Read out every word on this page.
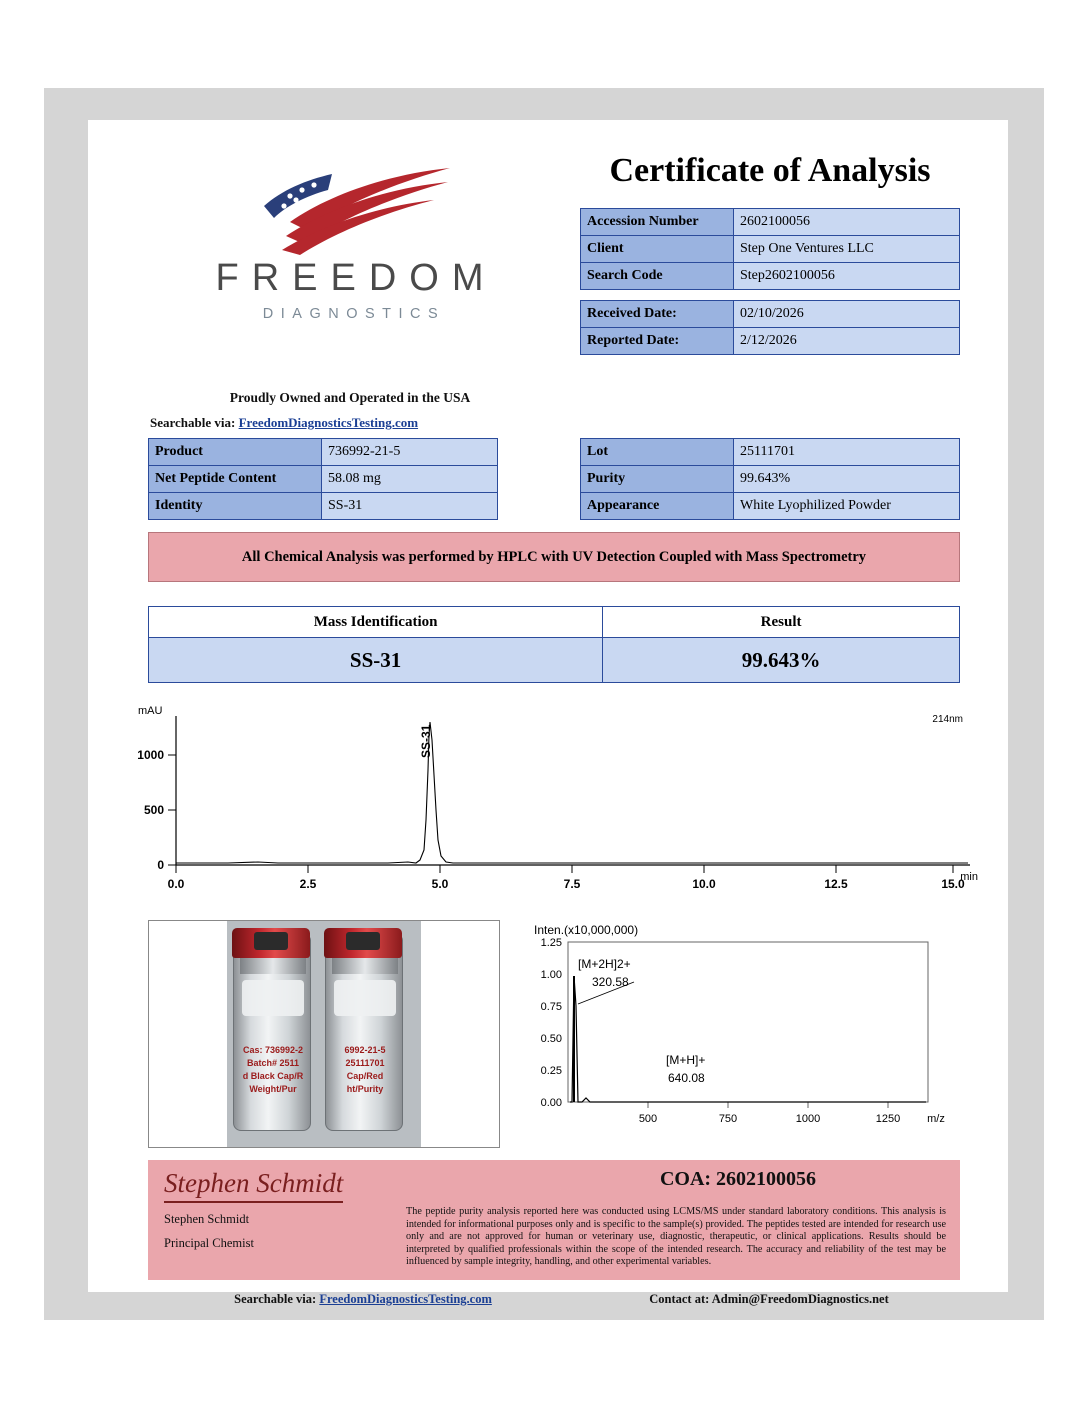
FREEDOM
DIAGNOSTICS
Proudly Owned and Operated in the USA
Searchable via: FreedomDiagnosticsTesting.com
Certificate of Analysis
Accession Number	2602100056
Client	Step One Ventures LLC
Search Code	Step2602100056
Received Date:	02/10/2026
Reported Date:	2/12/2026
Product	736992-21-5
Net Peptide Content	58.08 mg
Identity	SS-31
Lot	25111701
Purity	99.643%
Appearance	White Lyophilized Powder
All Chemical Analysis was performed by HPLC with UV Detection Coupled with Mass Spectrometry
Mass Identification	Result
SS-31	99.643%
0
500
1000
mAU
0.0	2.5	5.0	7.5	10.0	12.5	15.0
min
214nm
SS-31
Cas: 736992-2
Batch# 2511
d Black Cap/R
Weight/Pur
6992-21-5
25111701
Cap/Red
ht/Purity
Inten.(x10,000,000)
1.25
1.00
0.75
0.50
0.25
0.00
500	750	1000	1250 m/z
[M+2H]2+
320.58
[M+H]+
640.08
Stephen Schmidt
Stephen Schmidt
Principal Chemist
COA: 2602100056
The peptide purity analysis reported here was conducted using LCMS/MS under standard laboratory conditions. This analysis is intended for informational purposes only and is specific to the sample(s) provided. The peptides tested are intended for research use only and are not approved for human or veterinary use, diagnostic, therapeutic, or clinical applications. Results should be interpreted by qualified professionals within the scope of the intended research. The accuracy and reliability of the test may be influenced by sample integrity, handling, and other experimental variables.
Searchable via: FreedomDiagnosticsTesting.com	Contact at: Admin@FreedomDiagnostics.net
